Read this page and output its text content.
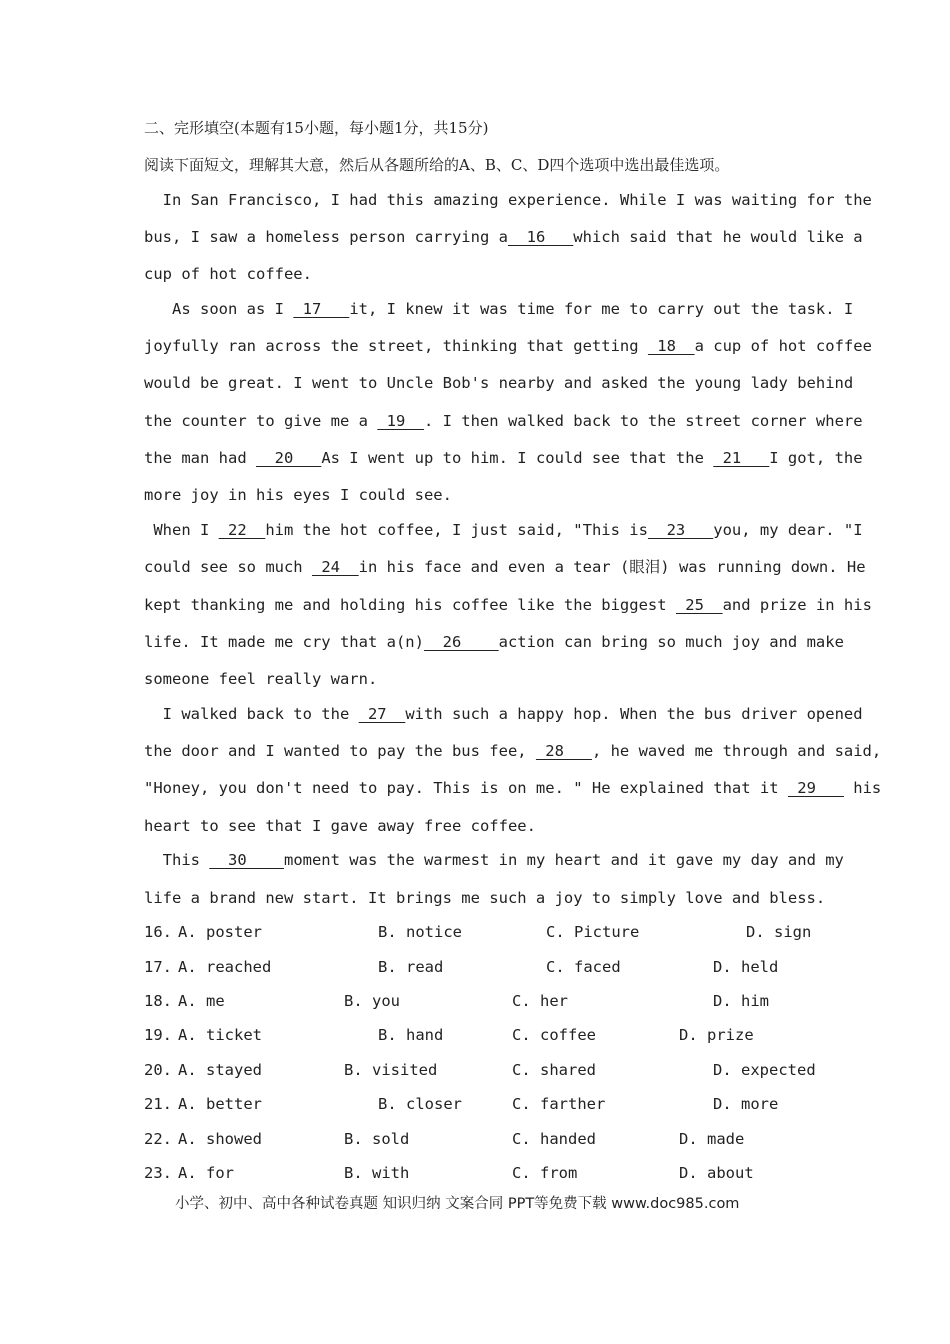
二、完形填空(本题有15小题，每小题1分，共15分)
阅读下面短文，理解其大意，然后从各题所给的A、B、C、D四个选项中选出最佳选项。
In San Francisco, I had this amazing experience. While I was waiting for the
bus, I saw a homeless person carrying a  16   which said that he would like a
cup of hot coffee.
As soon as I  17   it, I knew it was time for me to carry out the task. I
joyfully ran across the street, thinking that getting  18  a cup of hot coffee
would be great. I went to Uncle Bob's nearby and asked the young lady behind
the counter to give me a  19  . I then walked back to the street corner where
the man had   20   As I went up to him. I could see that the  21   I got, the
more joy in his eyes I could see.
When I  22  him the hot coffee, I just said, "This is  23   you, my dear. "I
could see so much  24  in his face and even a tear (眼泪) was running down. He
kept thanking me and holding his coffee like the biggest  25  and prize in his
life. It made me cry that a(n)  26    action can bring so much joy and make
someone feel really warn.
I walked back to the  27  with such a happy hop. When the bus driver opened
the door and I wanted to pay the bus fee,  28   , he waved me through and said,
"Honey, you don't need to pay. This is on me. " He explained that it  29    his
heart to see that I gave away free coffee.
This   30    moment was the warmest in my heart and it gave my day and my
life a brand new start. It brings me such a joy to simply love and bless.
16. A. poster	B. notice	C. Picture	D. sign
17. A. reached	B. read	C. faced	D. held
18. A. me	B. you	C. her	D. him
19. A. ticket	B. hand	C. coffee	D. prize
20. A. stayed	B. visited	C. shared	D. expected
21. A. better	B. closer	C. farther	D. more
22. A. showed	B. sold	C. handed	D. made
23. A. for	B. with	C. from	D. about
小学、初中、高中各种试卷真题 知识归纳 文案合同 PPT等免费下载 www.doc985.com
